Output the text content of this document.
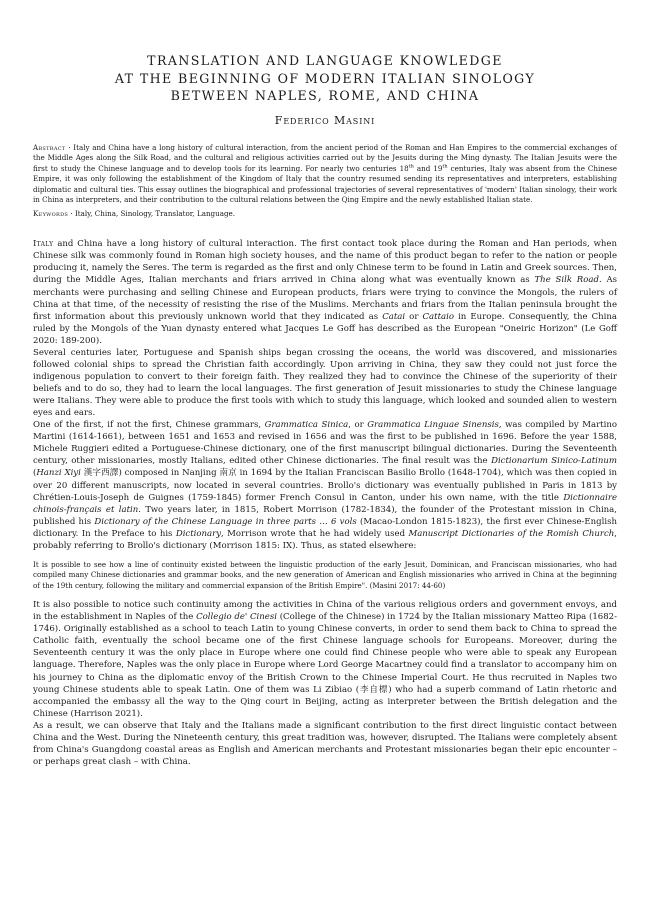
TRANSLATION AND LANGUAGE KNOWLEDGE
AT THE BEGINNING OF MODERN ITALIAN SINOLOGY
BETWEEN NAPLES, ROME, AND CHINA
Federico Masini
Abstract · Italy and China have a long history of cultural interaction, from the ancient period of the Roman and Han Empires to the commercial exchanges of the Middle Ages along the Silk Road, and the cultural and religious activities carried out by the Jesuits during the Ming dynasty. The Italian Jesuits were the first to study the Chinese language and to develop tools for its learning. For nearly two centuries 18th and 19th centuries, Italy was absent from the Chinese Empire, it was only following the establishment of the Kingdom of Italy that the country resumed sending its representatives and interpreters, establishing diplomatic and cultural ties. This essay outlines the biographical and professional trajectories of several representatives of 'modern' Italian sinology, their work in China as interpreters, and their contribution to the cultural relations between the Qing Empire and the newly established Italian state.
Keywords · Italy, China, Sinology, Translator, Language.

Italy and China have a long history of cultural interaction. The first contact took place during the Roman and Han periods, when Chinese silk was commonly found in Roman high society houses, and the name of this product began to refer to the nation or people producing it, namely the Seres. The term is regarded as the first and only Chinese term to be found in Latin and Greek sources. Then, during the Middle Ages, Italian merchants and friars arrived in China along what was eventually known as The Silk Road. As merchants were purchasing and selling Chinese and European products, friars were trying to convince the Mongols, the rulers of China at that time, of the necessity of resisting the rise of the Muslims. Merchants and friars from the Italian peninsula brought the first information about this previously unknown world that they indicated as Catai or Cattaio in Europe. Consequently, the China ruled by the Mongols of the Yuan dynasty entered what Jacques Le Goff has described as the European "Oneiric Horizon" (Le Goff 2020: 189-200).

Several centuries later, Portuguese and Spanish ships began crossing the oceans, the world was discovered, and missionaries followed colonial ships to spread the Christian faith accordingly. Upon arriving in China, they saw they could not just force the indigenous population to convert to their foreign faith. They realized they had to convince the Chinese of the superiority of their beliefs and to do so, they had to learn the local languages. The first generation of Jesuit missionaries to study the Chinese language were Italians. They were able to produce the first tools with which to study this language, which looked and sounded alien to western eyes and ears.

One of the first, if not the first, Chinese grammars, Grammatica Sinica, or Grammatica Linguae Sinensis, was compiled by Martino Martini (1614-1661), between 1651 and 1653 and revised in 1656 and was the first to be published in 1696. Before the year 1588, Michele Ruggieri edited a Portuguese-Chinese dictionary, one of the first manuscript bilingual dictionaries. During the Seventeenth century, other missionaries, mostly Italians, edited other Chinese dictionaries. The final result was the Dictionarium Sinico-Latinum (Hanzi Xiyi 漢字西譯) composed in Nanjing 南京 in 1694 by the Italian Franciscan Basilio Brollo (1648-1704), which was then copied in over 20 different manuscripts, now located in several countries. Brollo's dictionary was eventually published in Paris in 1813 by Chrétien-Louis-Joseph de Guignes (1759-1845) former French Consul in Canton, under his own name, with the title Dictionnaire chinois-français et latin. Two years later, in 1815, Robert Morrison (1782-1834), the founder of the Protestant mission in China, published his Dictionary of the Chinese Language in three parts … 6 vols (Macao-London 1815-1823), the first ever Chinese-English dictionary. In the Preface to his Dictionary, Morrison wrote that he had widely used Manuscript Dictionaries of the Romish Church, probably referring to Brollo's dictionary (Morrison 1815: IX). Thus, as stated elsewhere:

It is possible to see how a line of continuity existed between the linguistic production of the early Jesuit, Dominican, and Franciscan missionaries, who had compiled many Chinese dictionaries and grammar books, and the new generation of American and English missionaries who arrived in China at the beginning of the 19th century, following the military and commercial expansion of the British Empire". (Masini 2017: 44-60)

It is also possible to notice such continuity among the activities in China of the various religious orders and government envoys, and in the establishment in Naples of the Collegio de' Cinesi (College of the Chinese) in 1724 by the Italian missionary Matteo Ripa (1682-1746). Originally established as a school to teach Latin to young Chinese converts, in order to send them back to China to spread the Catholic faith, eventually the school became one of the first Chinese language schools for Europeans. Moreover, during the Seventeenth century it was the only place in Europe where one could find Chinese people who were able to speak any European language. Therefore, Naples was the only place in Europe where Lord George Macartney could find a translator to accompany him on his journey to China as the diplomatic envoy of the British Crown to the Chinese Imperial Court. He thus recruited in Naples two young Chinese students able to speak Latin. One of them was Li Zibiao (李自標) who had a superb command of Latin rhetoric and accompanied the embassy all the way to the Qing court in Beijing, acting as interpreter between the British delegation and the Chinese (Harrison 2021).

As a result, we can observe that Italy and the Italians made a significant contribution to the first direct linguistic contact between China and the West. During the Nineteenth century, this great tradition was, however, disrupted. The Italians were completely absent from China's Guangdong coastal areas as English and American merchants and Protestant missionaries began their epic encounter – or perhaps great clash – with China.
